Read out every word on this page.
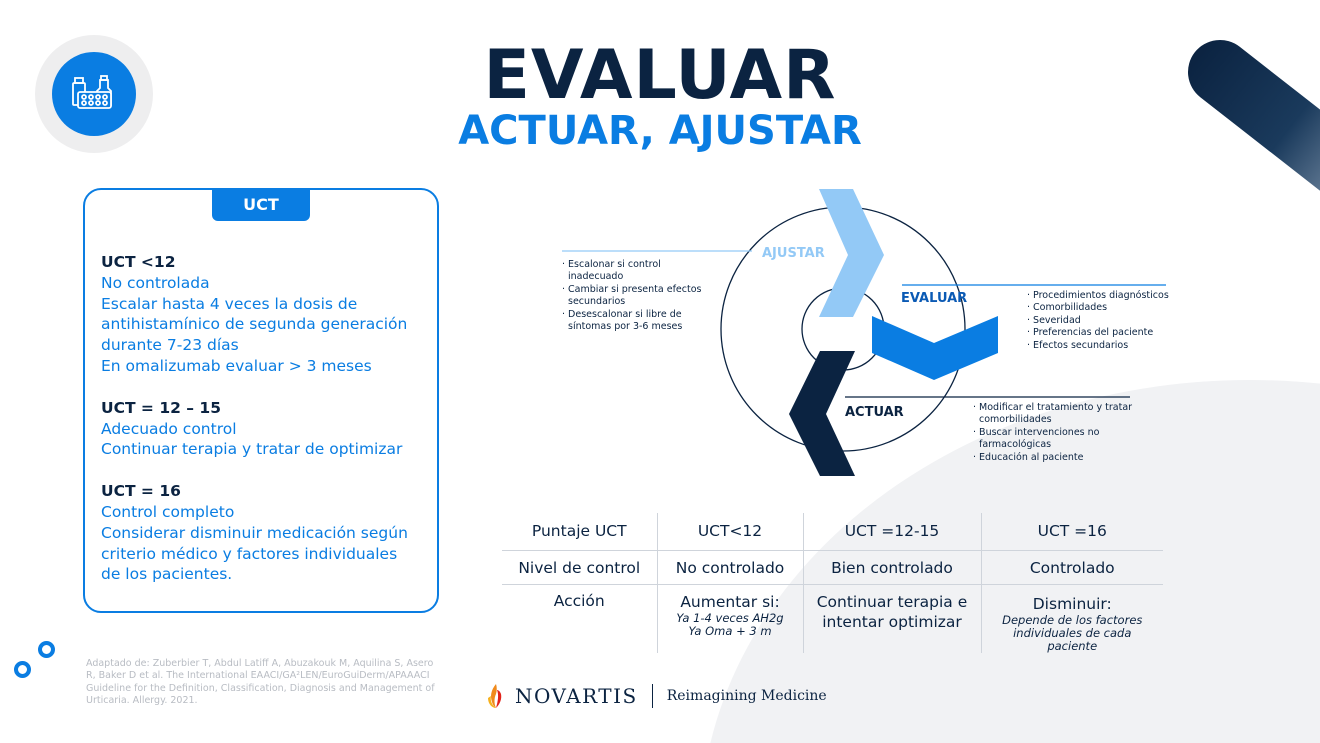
EVALUAR
ACTUAR, AJUSTAR
UCT
UCT <12
No controlada
Escalar hasta 4 veces la dosis de
antihistamínico de segunda generación
durante 7-23 días
En omalizumab evaluar > 3 meses
UCT = 12 – 15
Adecuado control
Continuar terapia y tratar de optimizar
UCT = 16
Control completo
Considerar disminuir medicación según
criterio médico y factores individuales
de los pacientes.
AJUSTAR
EVALUAR
ACTUAR
· Escalonar si control inadecuado
· Cambiar si presenta efectos secundarios
· Desescalonar si libre de síntomas por 3-6 meses
· Procedimientos diagnósticos
· Comorbilidades
· Severidad
· Preferencias del paciente
· Efectos secundarios
· Modificar el tratamiento y tratar comorbilidades
· Buscar intervenciones no farmacológicas
· Educación al paciente
Puntaje UCT	UCT<12	UCT =12-15	UCT =16
Nivel de control	No controlado	Bien controlado	Controlado
Acción	Aumentar si:
Ya 1-4 veces AH2g
Ya Oma + 3 m	Continuar terapia e
intentar optimizar	Disminuir:
Depende de los factores
individuales de cada paciente
Adaptado de: Zuberbier T, Abdul Latiff A, Abuzakouk M, Aquilina S, Asero R, Baker D et al. The International EAACI/GA²LEN/EuroGuiDerm/APAAACI Guideline for the Definition, Classification, Diagnosis and Management of Urticaria. Allergy. 2021.	NOVARTIS Reimagining Medicine
